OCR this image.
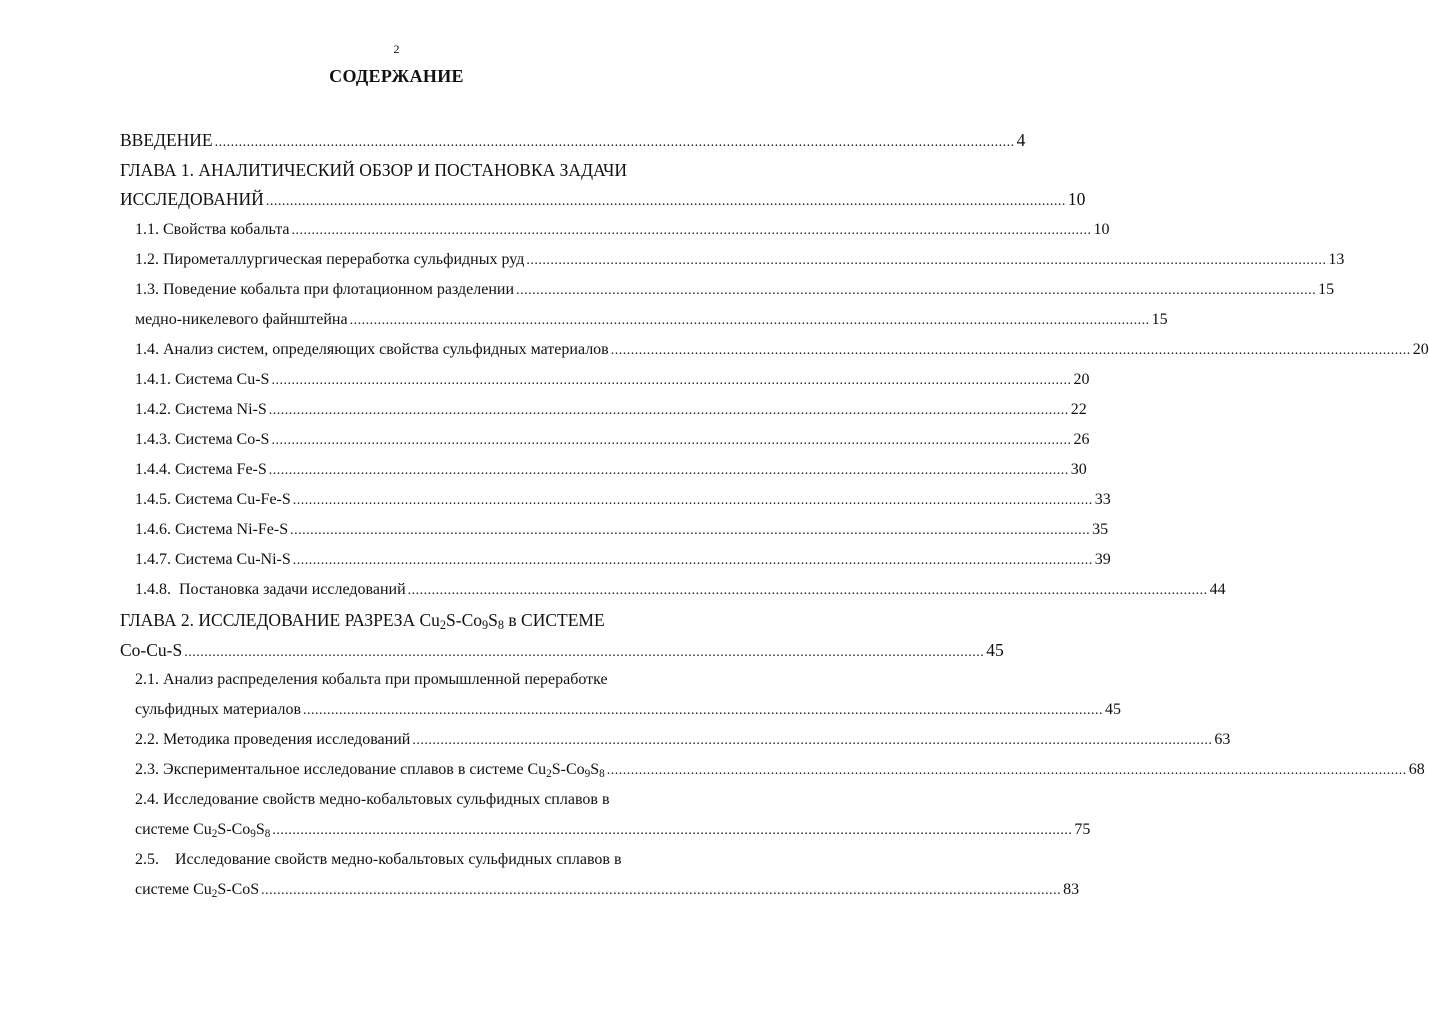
2
СОДЕРЖАНИЕ
ВВЕДЕНИЕ ........................................................................................................................................................................................................ 4
ГЛАВА 1. АНАЛИТИЧЕСКИЙ ОБЗОР И ПОСТАНОВКА ЗАДАЧИ
ИССЛЕДОВАНИЙ ........................................................................................................................................................................................................ 10
1.1. Свойства кобальта ........................................................................................................................................................................................................ 10
1.2. Пирометаллургическая переработка сульфидных руд ........................................................................................................................................................................................................ 13
1.3. Поведение кобальта при флотационном разделении ........................................................................................................................................................................................................ 15
медно-никелевого файнштейна ........................................................................................................................................................................................................ 15
1.4. Анализ систем, определяющих свойства сульфидных материалов ........................................................................................................................................................................................................ 20
1.4.1. Система Cu-S ........................................................................................................................................................................................................ 20
1.4.2. Система Ni-S ........................................................................................................................................................................................................ 22
1.4.3. Система Co-S ........................................................................................................................................................................................................ 26
1.4.4. Система Fe-S ........................................................................................................................................................................................................ 30
1.4.5. Система Cu-Fe-S ........................................................................................................................................................................................................ 33
1.4.6. Система Ni-Fe-S ........................................................................................................................................................................................................ 35
1.4.7. Система Cu-Ni-S ........................................................................................................................................................................................................ 39
1.4.8.  Постановка задачи исследований ........................................................................................................................................................................................................ 44
ГЛАВА 2. ИССЛЕДОВАНИЕ РАЗРЕЗА $Cu_2S-Co_9S_8$ в СИСТЕМЕ
Co-Cu-S ........................................................................................................................................................................................................ 45
2.1. Анализ распределения кобальта при промышленной переработке
сульфидных материалов ........................................................................................................................................................................................................ 45
2.2. Методика проведения исследований ........................................................................................................................................................................................................ 63
2.3. Экспериментальное исследование сплавов в системе $Cu_2S-Co_9S_8$ ........................................................................................................................................................................................................ 68
2.4. Исследование свойств медно-кобальтовых сульфидных сплавов в
системе $Cu_2S-Co_9S_8$ ........................................................................................................................................................................................................ 75
2.5.    Исследование свойств медно-кобальтовых сульфидных сплавов в
системе $Cu_2S$-CoS ........................................................................................................................................................................................................ 83
